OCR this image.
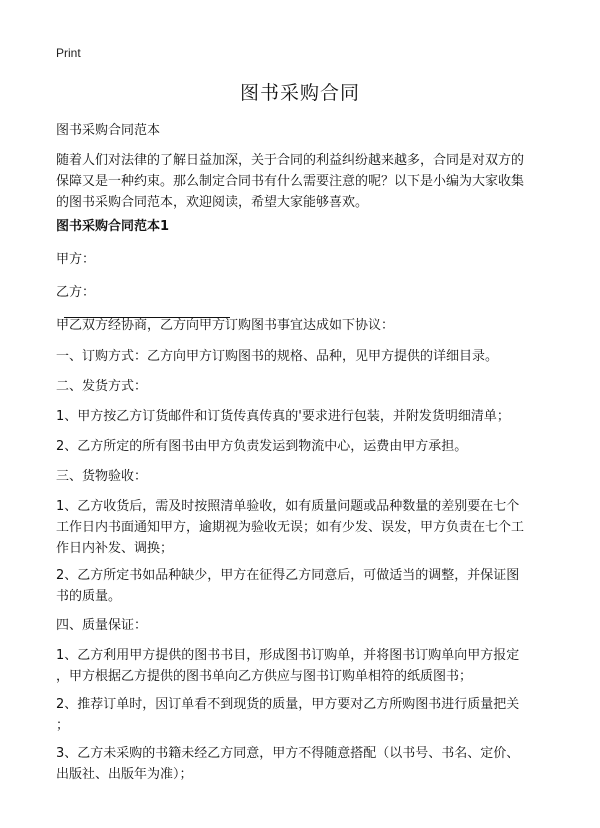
Print
图书采购合同

图书采购合同范本

随着人们对法律的了解日益加深，关于合同的利益纠纷越来越多，合同是对双方的
保障又是一种约束。那么制定合同书有什么需要注意的呢？以下是小编为大家收集
的图书采购合同范本，欢迎阅读，希望大家能够喜欢。

图书采购合同范本1

甲方：

乙方：

甲乙双方经协商，乙方向甲方订购图书事宜达成如下协议：

一、订购方式：乙方向甲方订购图书的规格、品种，见甲方提供的详细目录。

二、发货方式：

1、甲方按乙方订货邮件和订货传真传真的'要求进行包装，并附发货明细清单；

2、乙方所定的所有图书由甲方负责发运到物流中心，运费由甲方承担。

三、货物验收：

1、乙方收货后，需及时按照清单验收，如有质量问题或品种数量的差别要在七个
工作日内书面通知甲方，逾期视为验收无误；如有少发、误发，甲方负责在七个工
作日内补发、调换；

2、乙方所定书如品种缺少，甲方在征得乙方同意后，可做适当的调整，并保证图
书的质量。

四、质量保证：

1、乙方利用甲方提供的图书书目，形成图书订购单，并将图书订购单向甲方报定
，甲方根据乙方提供的图书单向乙方供应与图书订购单相符的纸质图书；

2、推荐订单时，因订单看不到现货的质量，甲方要对乙方所购图书进行质量把关
；

3、乙方未采购的书籍未经乙方同意，甲方不得随意搭配（以书号、书名、定价、
出版社、出版年为准）；
